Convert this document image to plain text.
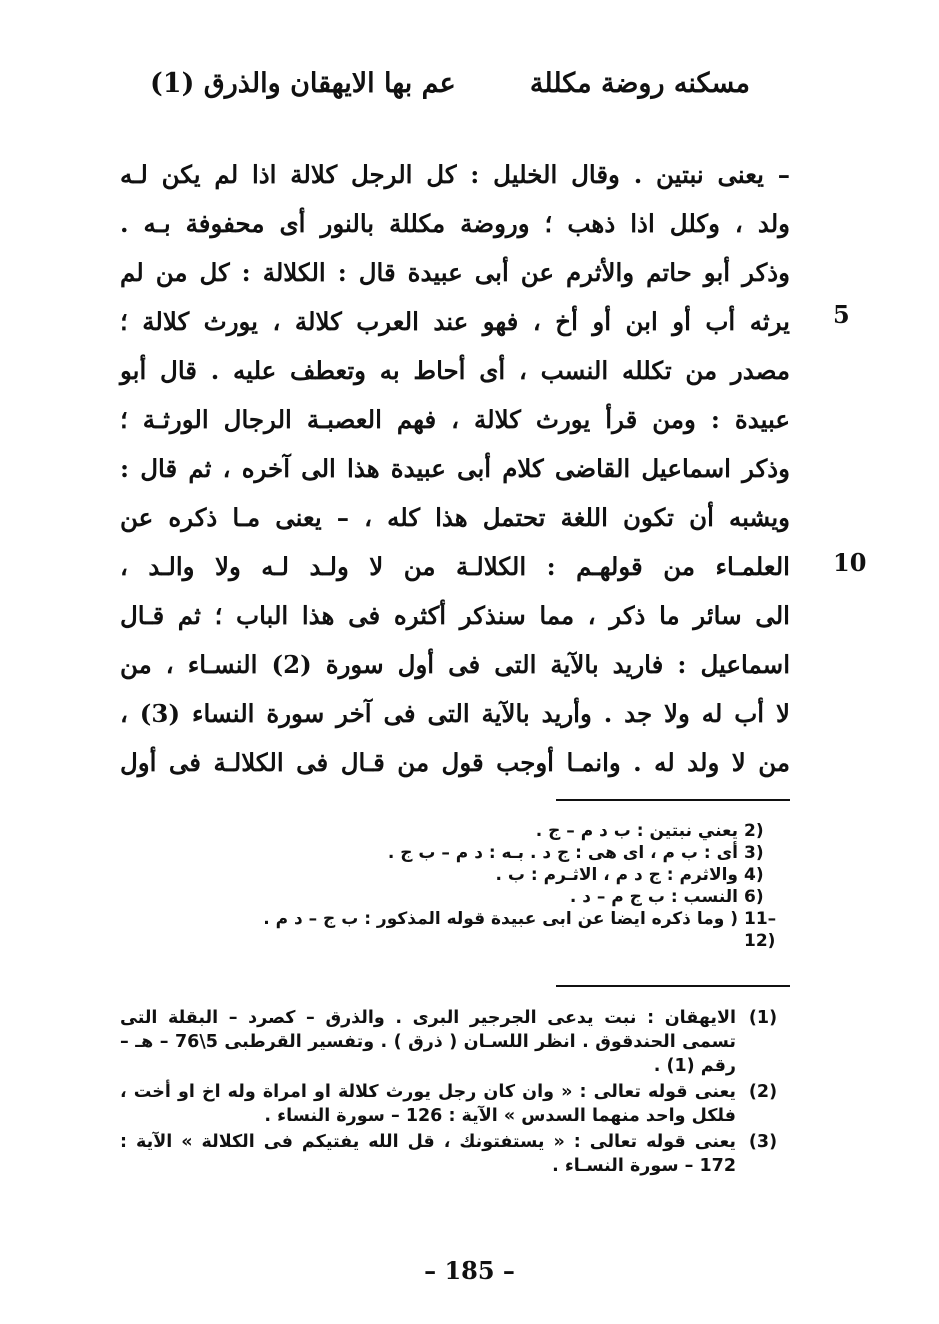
عم بها الايهقان والذرق (1)	مسكنه روضة مكللة
– يعنى نبتين . وقال الخليل : كل الرجل كلالة اذا لم يكن لـه
ولد ، وكلل اذا ذهب ؛ وروضة مكللة بالنور أى محفوفة بـه .
وذكر أبو حاتم والأثرم عن أبى عبيدة قال : الكلالة : كل من لم
يرثه أب أو ابن أو أخ ، فهو عند العرب كلالة ، يورث كلالة ؛
مصدر من تكلله النسب ، أى أحاط به وتعطف عليه . قال أبو
عبيدة : ومن قرأ يورث كلالة ، فهم العصبـة الرجال الورثـة ؛
وذكر اسماعيل القاضى كلام أبى عبيدة هذا الى آخره ، ثم قال :
ويشبه أن تكون اللغة تحتمل هذا كله ، – يعنى مـا ذكره عن
العلمـاء من قولهـم : الكلالـة من لا ولـد لـه ولا والـد ،
الى سائر ما ذكر ، مما سنذكر أكثره فى هذا الباب ؛ ثم قـال
اسماعيل : فاريد بالآية التى فى أول سورة (2) النسـاء ، من
لا أب له ولا جد . وأريد بالآية التى فى آخر سورة النساء (3) ،
من لا ولد له . وانمـا أوجب قول من قـال فى الكلالـة فى أول
5
10
2)
يعني نبتين : ب د م – ج .
3)
أى : ب م ، اى هى : ج د . بـه : د م – ب ج .
4)
والاثرم : ج د م ، الاثـرم : ب .
6)
النسب : ب ج م – د .
11–12)
( وما ذكره ايضا عن ابى عبيدة قوله المذكور : ب ج – د م .
(1)
الايهقان : نبت يدعى الجرجير البرى . والذرق – كصرد – البقلة التى تسمى الحندقوق . انظر اللسـان ( ذرق ) . وتفسير القرطبى 5\76 – هـ – رقم (1) .
(2)
يعنى قوله تعالى : « وان كان رجل يورث كلالة او امراة وله اخ او أخت ، فلكل واحد منهما السدس » الآية : 126 – سورة النساء .
(3)
يعنى قوله تعالى : « يستفتونك ، قل الله يفتيكم فى الكلالة » الآية : 172 – سورة النسـاء .
– 185 –
